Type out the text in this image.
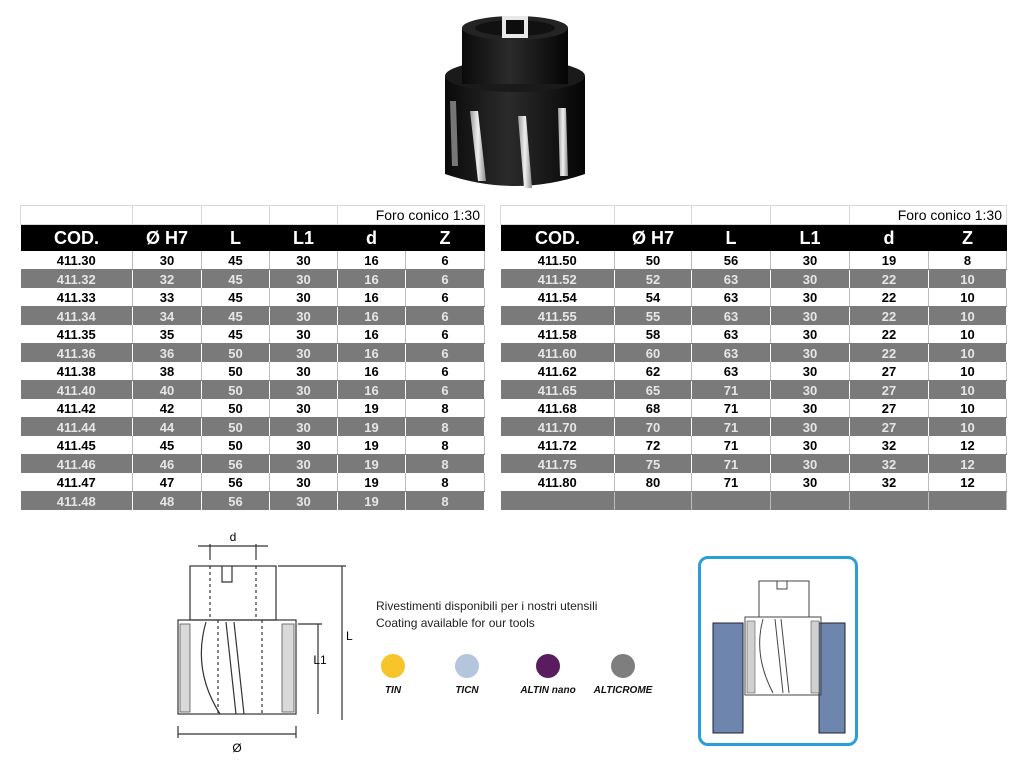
				Foro conico 1:30	
COD.	Ø H7	L	L1	d	Z
411.30	30	45	30	16	6
411.32	32	45	30	16	6
411.33	33	45	30	16	6
411.34	34	45	30	16	6
411.35	35	45	30	16	6
411.36	36	50	30	16	6
411.38	38	50	30	16	6
411.40	40	50	30	16	6
411.42	42	50	30	19	8
411.44	44	50	30	19	8
411.45	45	50	30	19	8
411.46	46	56	30	19	8
411.47	47	56	30	19	8
411.48	48	56	30	19	8
				Foro conico 1:30	
COD.	Ø H7	L	L1	d	Z
411.50	50	56	30	19	8
411.52	52	63	30	22	10
411.54	54	63	30	22	10
411.55	55	63	30	22	10
411.58	58	63	30	22	10
411.60	60	63	30	22	10
411.62	62	63	30	27	10
411.65	65	71	30	27	10
411.68	68	71	30	27	10
411.70	70	71	30	27	10
411.72	72	71	30	32	12
411.75	75	71	30	32	12
411.80	80	71	30	32	12

d
L
L1
Ø
Rivestimenti disponibili per i nostri utensili
Coating available for our tools
TIN	TICN	ALTIN nano	ALTICROME
